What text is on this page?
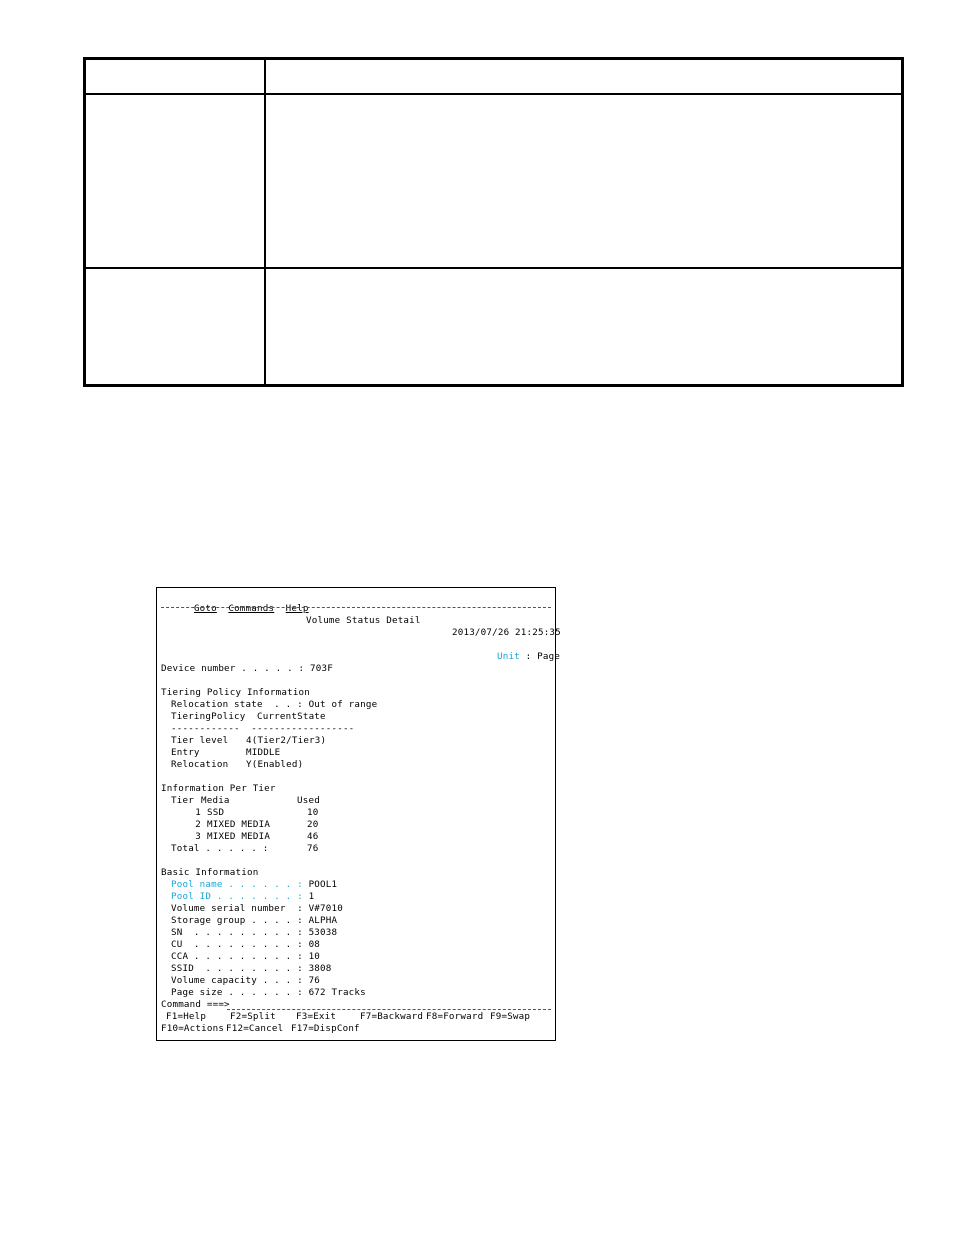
Goto Commands Help

Volume Status Detail
2013/07/26 21:25:35
Unit : Page
Device number . . . . . : 703F
Tiering Policy Information
Relocation state  . . : Out of range
TieringPolicy CurrentState
------------ ------------------
Tier level 4(Tier2/Tier3)
Entry	MIDDLE
Relocation Y(Enabled)
Information Per Tier
Tier Media	Used
1 SSD	10
2 MIXED MEDIA	20
3 MIXED MEDIA	46
Total . . . . . :	76
Basic Information
Pool name . . . . . . : POOL1
Pool ID . . . . . . . : 1
Volume serial number  : V#7010
Storage group . . . . : ALPHA
SN  . . . . . . . . . : 53038
CU  . . . . . . . . . : 08
CCA . . . . . . . . . : 10
SSID  . . . . . . . . : 3808
Volume capacity . . . : 76
Page size . . . . . . : 672 Tracks
Command ===>
F1=Help	F2=Split F3=Exit	F7=Backward F8=Forward F9=Swap
F10=Actions F12=Cancel F17=DispConf
